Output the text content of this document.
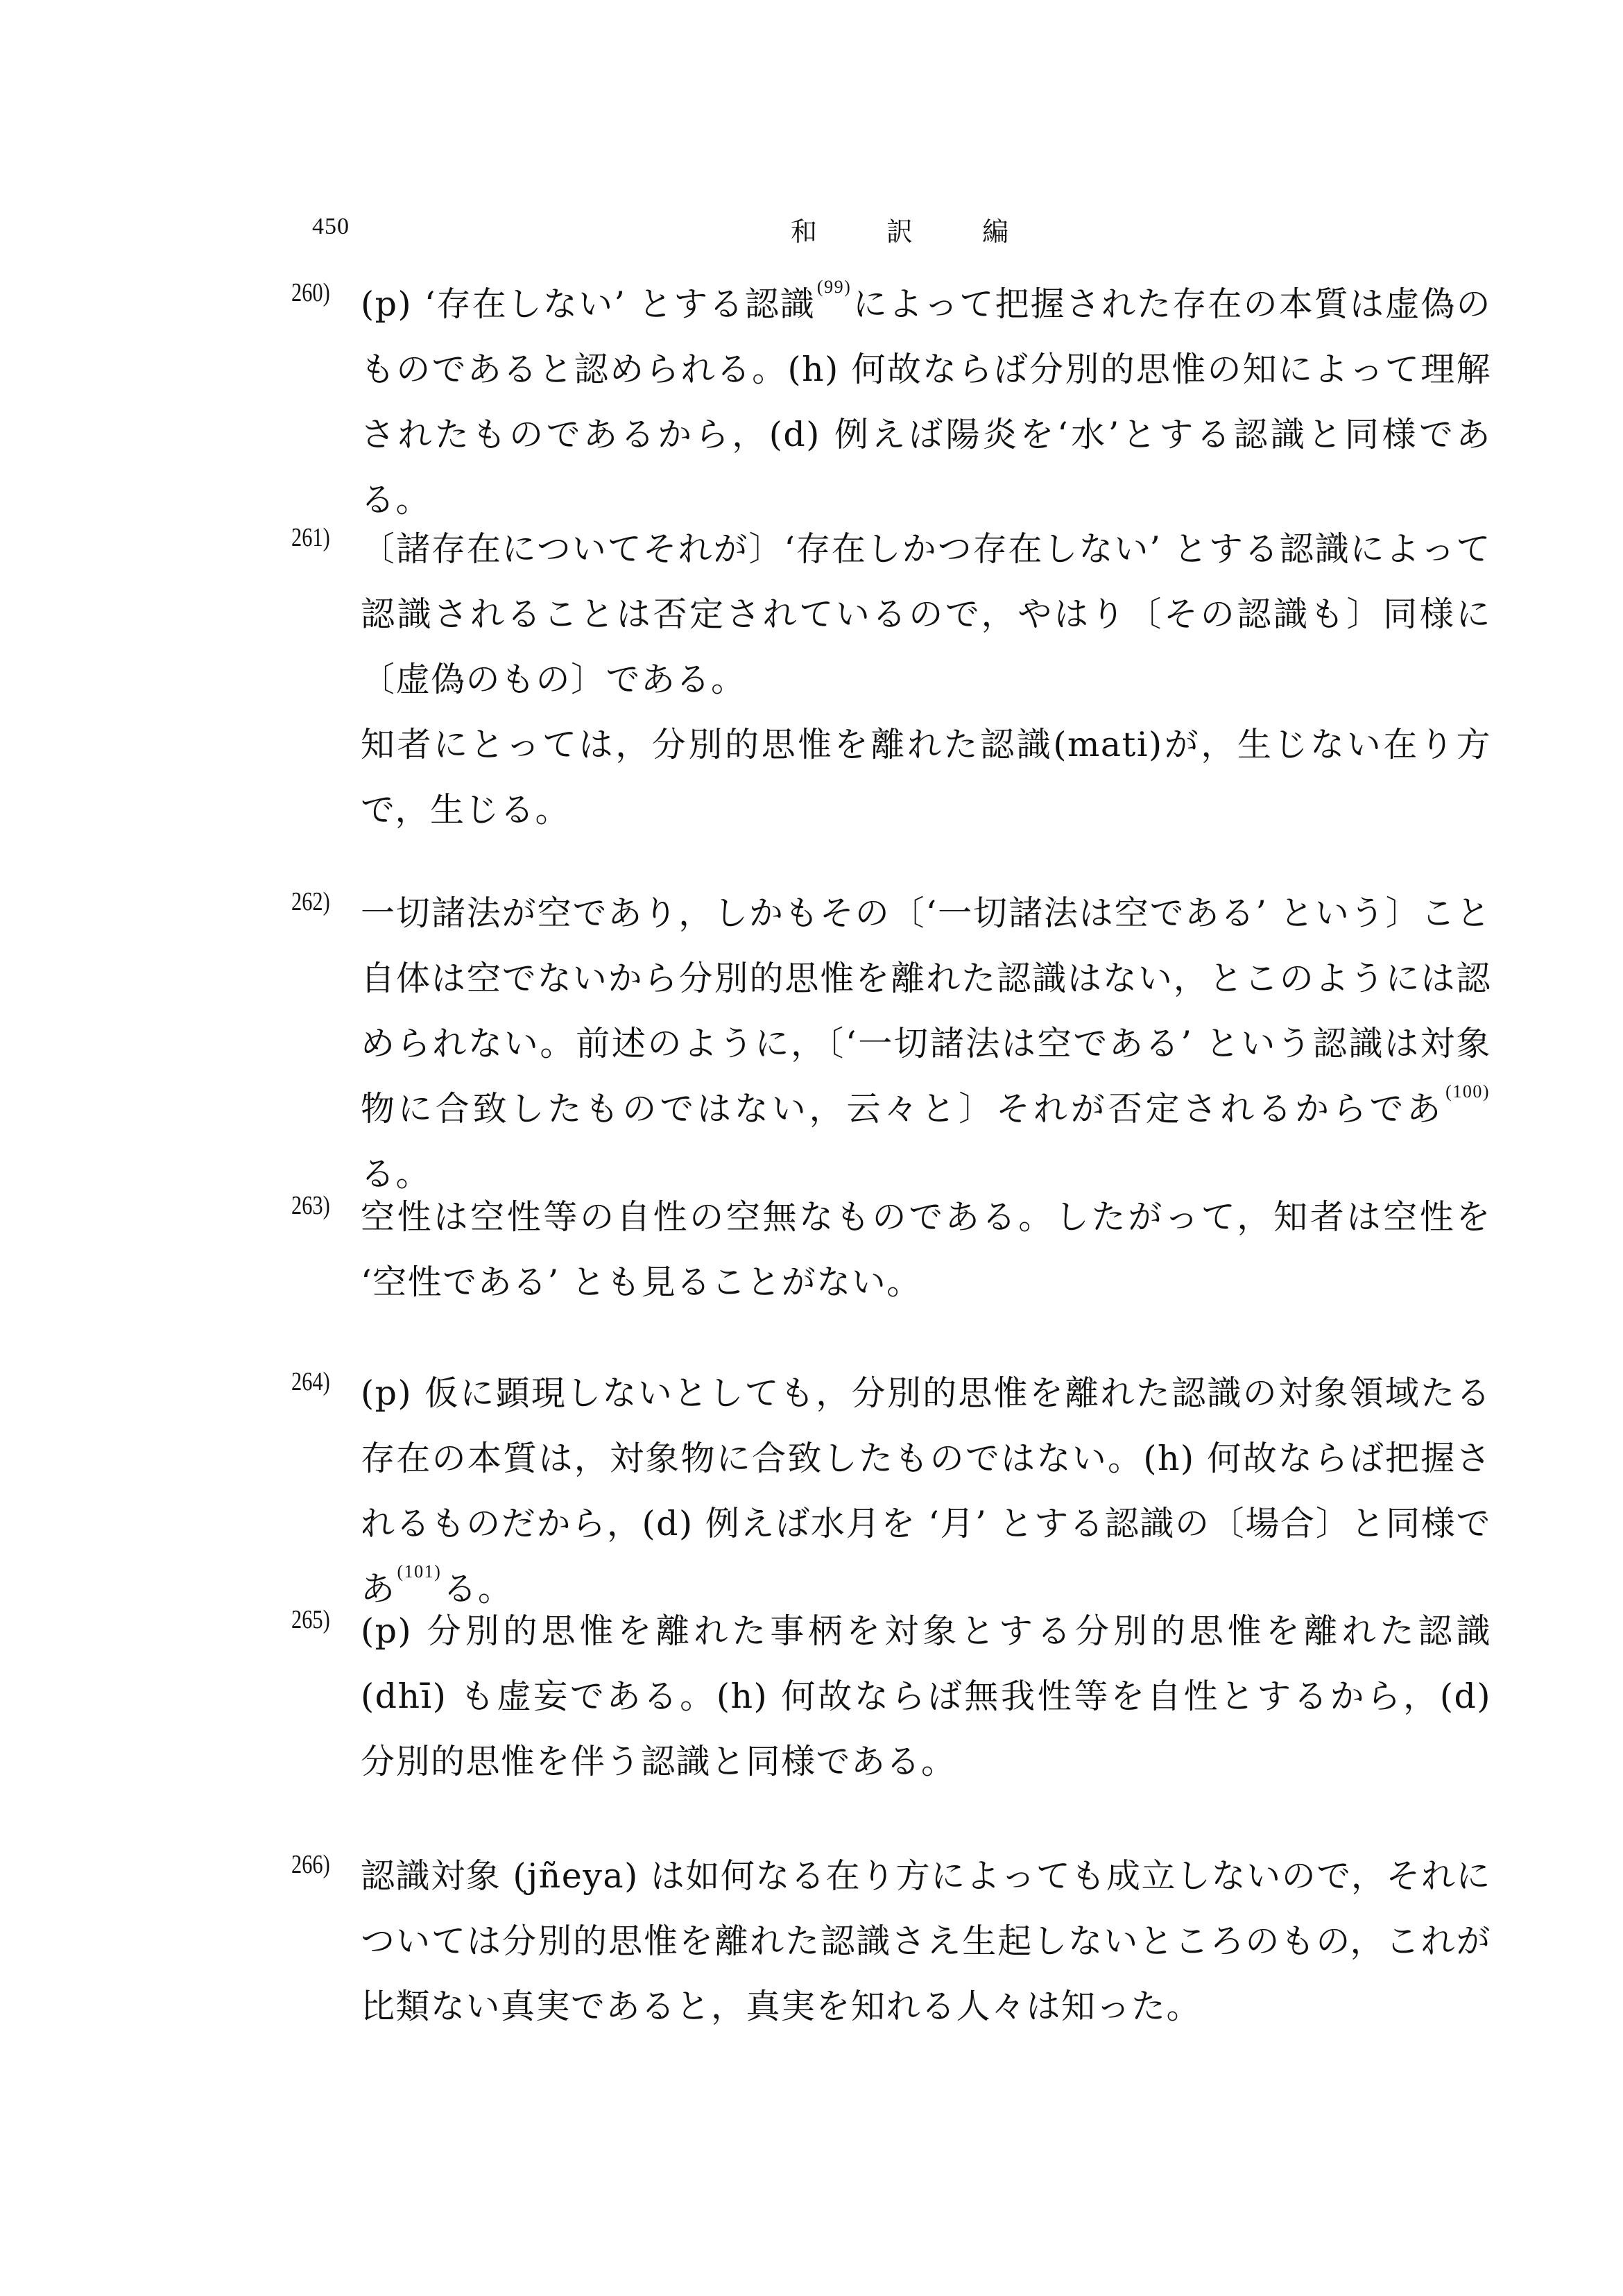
450	和 訳 編
260) (p) ‘存在しない’ とする認識$^{(99)}$によって把握された存在の本質は虚偽のものであると認められる。(h) 何故ならば分別的思惟の知によって理解されたものであるから，(d) 例えば陽炎を‘水’とする認識と同様である。

261) 〔諸存在についてそれが〕‘存在しかつ存在しない’ とする認識によって認識されることは否定されているので，やはり〔その認識も〕同様に〔虚偽のもの〕である。

知者にとっては，分別的思惟を離れた認識(mati)が，生じない在り方で，生じる。

262) 一切諸法が空であり，しかもその〔‘一切諸法は空である’ という〕こと自体は空でないから分別的思惟を離れた認識はない，とこのようには認められない。前述のように，〔‘一切諸法は空である’ という認識は対象物に合致したものではない，云々と〕それが否定されるからであ$^{(100)}$る。

263) 空性は空性等の自性の空無なものである。したがって，知者は空性を ‘空性である’ とも見ることがない。

264) (p) 仮に顕現しないとしても，分別的思惟を離れた認識の対象領域たる存在の本質は，対象物に合致したものではない。(h) 何故ならば把握されるものだから，(d) 例えば水月を ‘月’ とする認識の〔場合〕と同様であ$^{(101)}$る。

265) (p) 分別的思惟を離れた事柄を対象とする分別的思惟を離れた認識 (dhī) も虚妄である。(h) 何故ならば無我性等を自性とするから，(d) 分別的思惟を伴う認識と同様である。

266) 認識対象 (jñeya) は如何なる在り方によっても成立しないので，それについては分別的思惟を離れた認識さえ生起しないところのもの，これが比類ない真実であると，真実を知れる人々は知った。
